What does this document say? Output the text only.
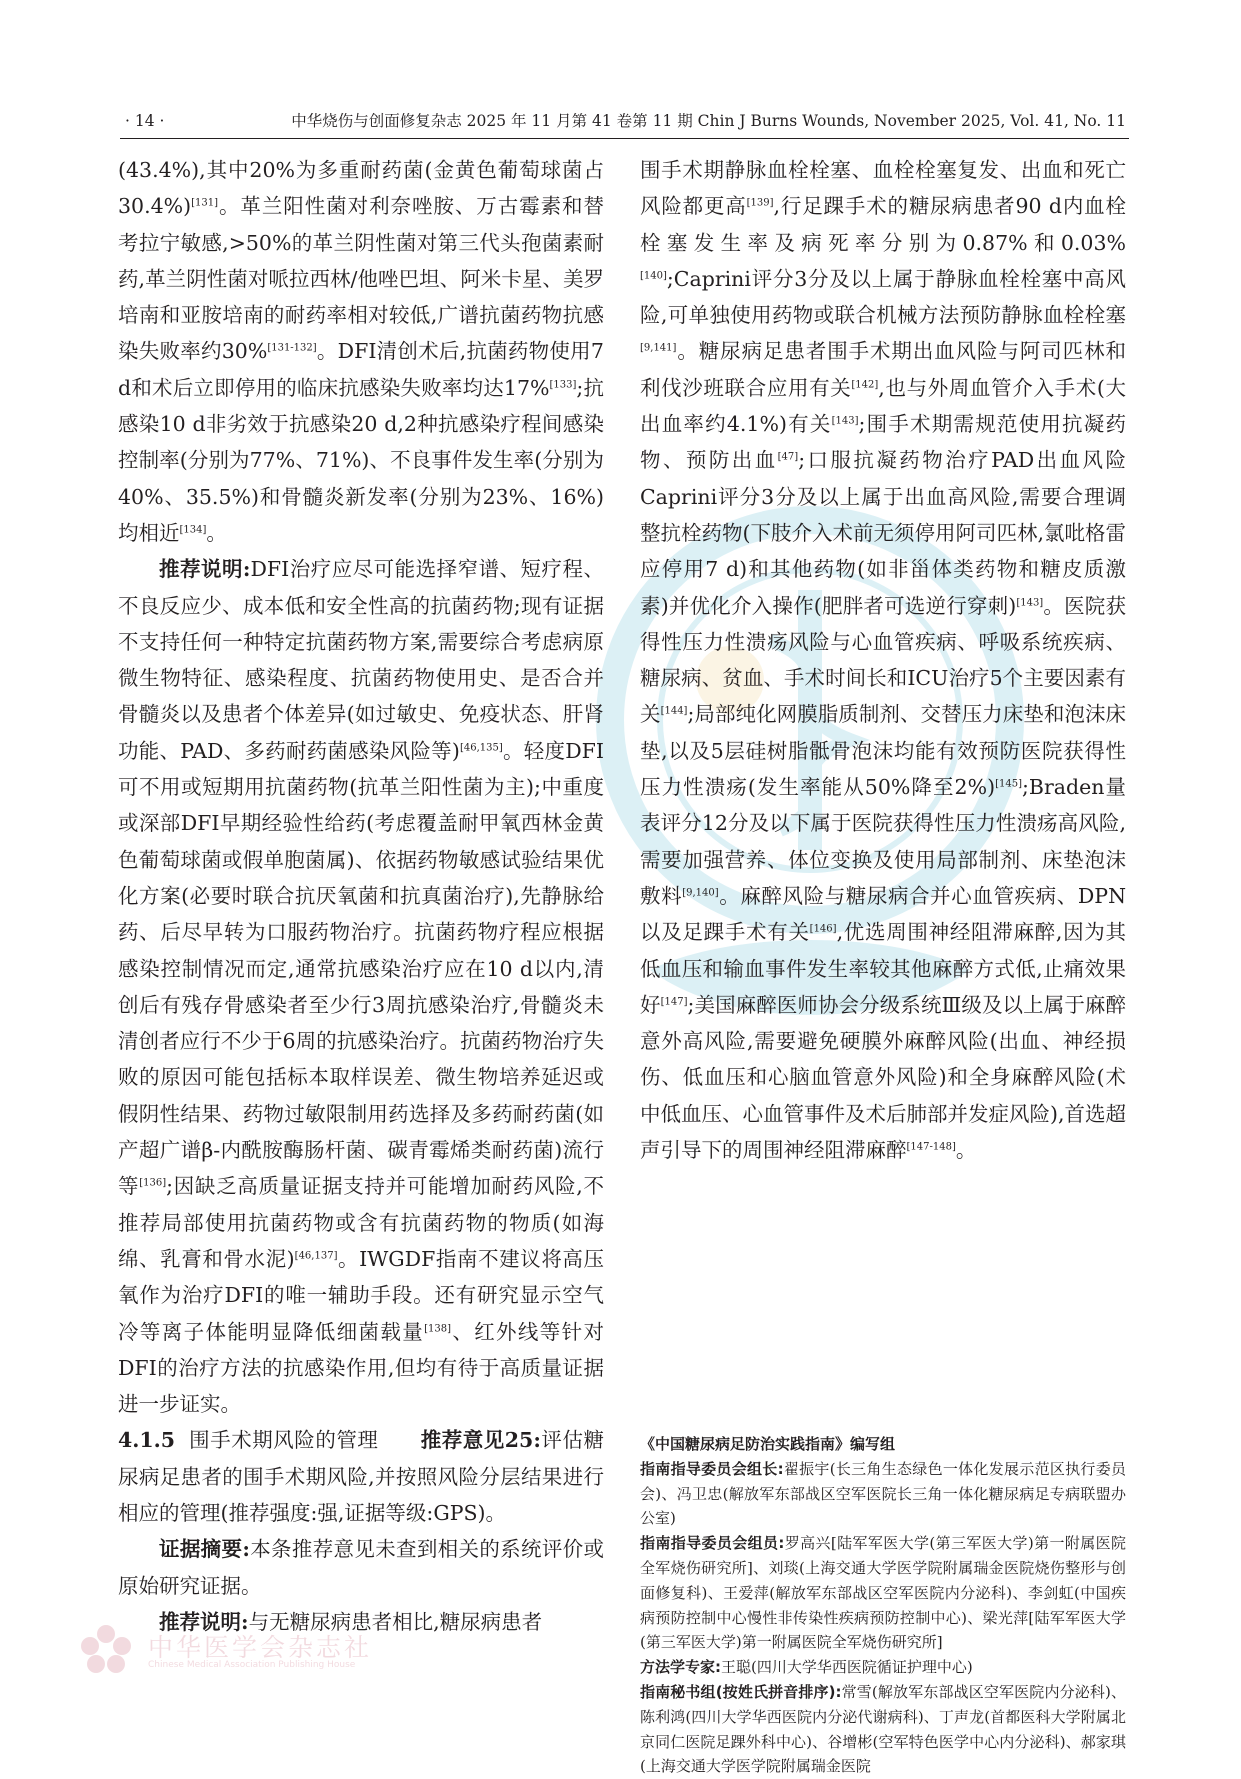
· 14 ·	中华烧伤与创面修复杂志 2025 年 11 月第 41 卷第 11 期 Chin J Burns Wounds, November 2025, Vol. 41, No. 11

(43.4%),其中20%为多重耐药菌(金黄色葡萄球菌占30.4%)[131]。革兰阳性菌对利奈唑胺、万古霉素和替考拉宁敏感,>50%的革兰阴性菌对第三代头孢菌素耐药,革兰阴性菌对哌拉西林/他唑巴坦、阿米卡星、美罗培南和亚胺培南的耐药率相对较低,广谱抗菌药物抗感染失败率约30%[131-132]。DFI清创术后,抗菌药物使用7 d和术后立即停用的临床抗感染失败率均达17%[133];抗感染10 d非劣效于抗感染20 d,2种抗感染疗程间感染控制率(分别为77%、71%)、不良事件发生率(分别为40%、35.5%)和骨髓炎新发率(分别为23%、16%)均相近[134]。

推荐说明:DFI治疗应尽可能选择窄谱、短疗程、不良反应少、成本低和安全性高的抗菌药物;现有证据不支持任何一种特定抗菌药物方案,需要综合考虑病原微生物特征、感染程度、抗菌药物使用史、是否合并骨髓炎以及患者个体差异(如过敏史、免疫状态、肝肾功能、PAD、多药耐药菌感染风险等)[46,135]。轻度DFI可不用或短期用抗菌药物(抗革兰阳性菌为主);中重度或深部DFI早期经验性给药(考虑覆盖耐甲氧西林金黄色葡萄球菌或假单胞菌属)、依据药物敏感试验结果优化方案(必要时联合抗厌氧菌和抗真菌治疗),先静脉给药、后尽早转为口服药物治疗。抗菌药物疗程应根据感染控制情况而定,通常抗感染治疗应在10 d以内,清创后有残存骨感染者至少行3周抗感染治疗,骨髓炎未清创者应行不少于6周的抗感染治疗。抗菌药物治疗失败的原因可能包括标本取样误差、微生物培养延迟或假阴性结果、药物过敏限制用药选择及多药耐药菌(如产超广谱β-内酰胺酶肠杆菌、碳青霉烯类耐药菌)流行等[136];因缺乏高质量证据支持并可能增加耐药风险,不推荐局部使用抗菌药物或含有抗菌药物的物质(如海绵、乳膏和骨水泥)[46,137]。IWGDF指南不建议将高压氧作为治疗DFI的唯一辅助手段。还有研究显示空气冷等离子体能明显降低细菌载量[138]、红外线等针对DFI的治疗方法的抗感染作用,但均有待于高质量证据进一步证实。

4.1.5 围手术期风险的管理 推荐意见25:评估糖尿病足患者的围手术期风险,并按照风险分层结果进行相应的管理(推荐强度:强,证据等级:GPS)。

证据摘要:本条推荐意见未查到相关的系统评价或原始研究证据。

推荐说明:与无糖尿病患者相比,糖尿病患者

围手术期静脉血栓栓塞、血栓栓塞复发、出血和死亡风险都更高[139],行足踝手术的糖尿病患者90 d内血栓栓塞发生率及病死率分别为0.87%和0.03%[140];Caprini评分3分及以上属于静脉血栓栓塞中高风险,可单独使用药物或联合机械方法预防静脉血栓栓塞[9,141]。糖尿病足患者围手术期出血风险与阿司匹林和利伐沙班联合应用有关[142],也与外周血管介入手术(大出血率约4.1%)有关[143];围手术期需规范使用抗凝药物、预防出血[47];口服抗凝药物治疗PAD出血风险Caprini评分3分及以上属于出血高风险,需要合理调整抗栓药物(下肢介入术前无须停用阿司匹林,氯吡格雷应停用7 d)和其他药物(如非甾体类药物和糖皮质激素)并优化介入操作(肥胖者可选逆行穿刺)[143]。医院获得性压力性溃疡风险与心血管疾病、呼吸系统疾病、糖尿病、贫血、手术时间长和ICU治疗5个主要因素有关[144];局部纯化网膜脂质制剂、交替压力床垫和泡沫床垫,以及5层硅树脂骶骨泡沫均能有效预防医院获得性压力性溃疡(发生率能从50%降至2%)[145];Braden量表评分12分及以下属于医院获得性压力性溃疡高风险,需要加强营养、体位变换及使用局部制剂、床垫泡沫敷料[9,140]。麻醉风险与糖尿病合并心血管疾病、DPN以及足踝手术有关[146],优选周围神经阻滞麻醉,因为其低血压和输血事件发生率较其他麻醉方式低,止痛效果好[147];美国麻醉医师协会分级系统Ⅲ级及以上属于麻醉意外高风险,需要避免硬膜外麻醉风险(出血、神经损伤、低血压和心脑血管意外风险)和全身麻醉风险(术中低血压、心血管事件及术后肺部并发症风险),首选超声引导下的周围神经阻滞麻醉[147-148]。

《中国糖尿病足防治实践指南》编写组

指南指导委员会组长:翟振宇(长三角生态绿色一体化发展示范区执行委员会)、冯卫忠(解放军东部战区空军医院长三角一体化糖尿病足专病联盟办公室)

指南指导委员会组员:罗高兴[陆军军医大学(第三军医大学)第一附属医院全军烧伤研究所]、刘琰(上海交通大学医学院附属瑞金医院烧伤整形与创面修复科)、王爱萍(解放军东部战区空军医院内分泌科)、李剑虹(中国疾病预防控制中心慢性非传染性疾病预防控制中心)、梁光萍[陆军军医大学(第三军医大学)第一附属医院全军烧伤研究所]

方法学专家:王聪(四川大学华西医院循证护理中心)

指南秘书组(按姓氏拼音排序):常雪(解放军东部战区空军医院内分泌科)、陈利鸿(四川大学华西医院内分泌代谢病科)、丁声龙(首都医科大学附属北京同仁医院足踝外科中心)、谷增彬(空军特色医学中心内分泌科)、郝家琪(上海交通大学医学院附属瑞金医院

中华医学会杂志社
Chinese Medical Association Publishing House
